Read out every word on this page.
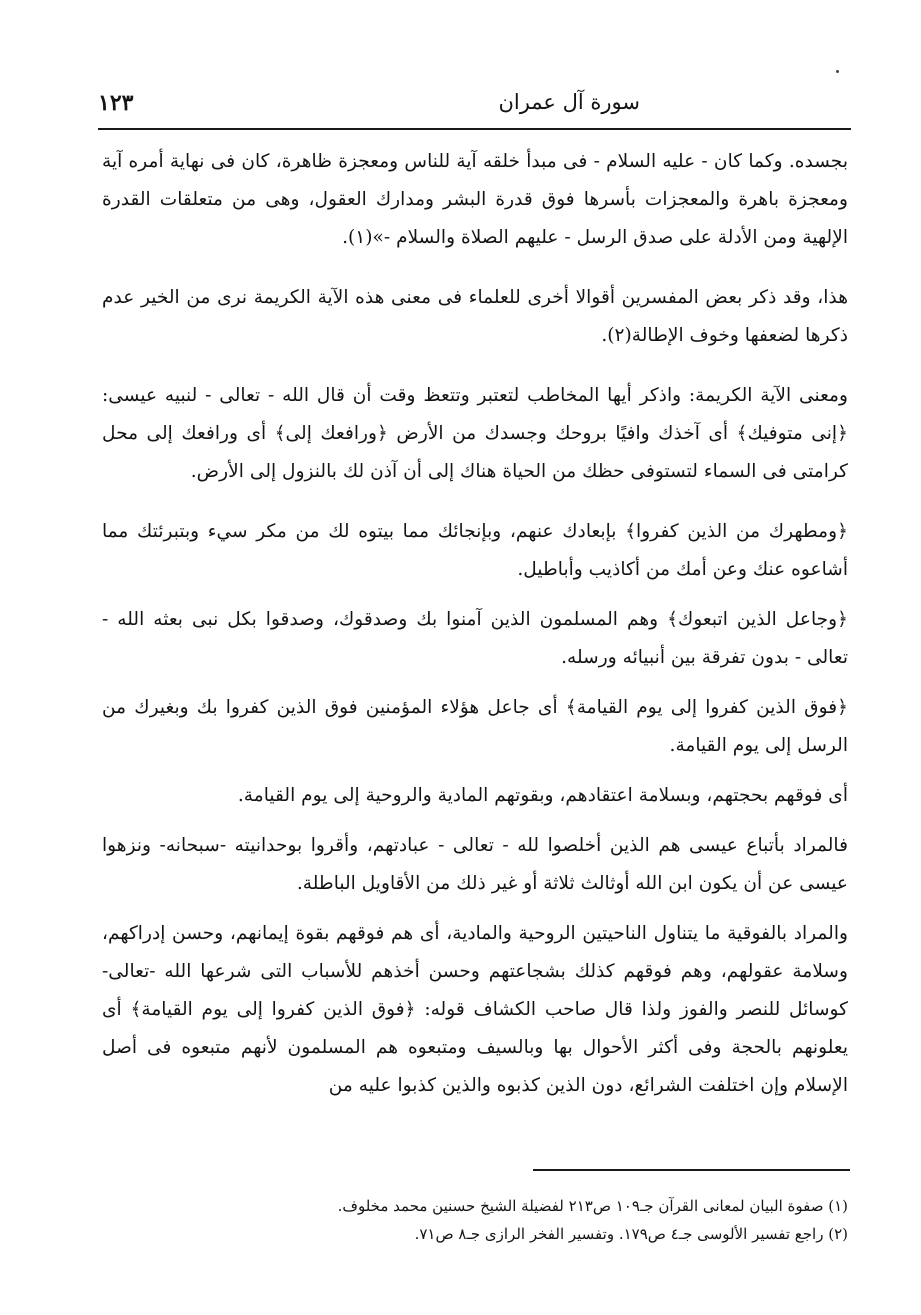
سورة آل عمران
١٢٣

بجسده. وكما كان - عليه السلام - فى مبدأ خلقه آية للناس ومعجزة ظاهرة، كان فى نهاية أمره آية ومعجزة باهرة والمعجزات بأسرها فوق قدرة البشر ومدارك العقول، وهى من متعلقات القدرة الإلهية ومن الأدلة على صدق الرسل - عليهم الصلاة والسلام -»(١).

هذا، وقد ذكر بعض المفسرين أقوالا أخرى للعلماء فى معنى هذه الآية الكريمة نرى من الخير عدم ذكرها لضعفها وخوف الإطالة(٢).

ومعنى الآية الكريمة: واذكر أيها المخاطب لتعتبر وتتعظ وقت أن قال الله - تعالى - لنبيه عيسى: ﴿إنى متوفيك﴾ أى آخذك وافيًا بروحك وجسدك من الأرض ﴿ورافعك إلى﴾ أى ورافعك إلى محل كرامتى فى السماء لتستوفى حظك من الحياة هناك إلى أن آذن لك بالنزول إلى الأرض.

﴿ومطهرك من الذين كفروا﴾ بإبعادك عنهم، وبإنجائك مما بيتوه لك من مكر سيء وبتبرئتك مما أشاعوه عنك وعن أمك من أكاذيب وأباطيل.

﴿وجاعل الذين اتبعوك﴾ وهم المسلمون الذين آمنوا بك وصدقوك، وصدقوا بكل نبى بعثه الله - تعالى - بدون تفرقة بين أنبيائه ورسله.

﴿فوق الذين كفروا إلى يوم القيامة﴾ أى جاعل هؤلاء المؤمنين فوق الذين كفروا بك وبغيرك من الرسل إلى يوم القيامة.

أى فوقهم بحجتهم، وبسلامة اعتقادهم، وبقوتهم المادية والروحية إلى يوم القيامة.

فالمراد بأتباع عيسى هم الذين أخلصوا لله - تعالى - عبادتهم، وأقروا بوحدانيته -سبحانه- ونزهوا عيسى عن أن يكون ابن الله أوثالث ثلاثة أو غير ذلك من الأقاويل الباطلة.

والمراد بالفوقية ما يتناول الناحيتين الروحية والمادية، أى هم فوقهم بقوة إيمانهم، وحسن إدراكهم، وسلامة عقولهم، وهم فوقهم كذلك بشجاعتهم وحسن أخذهم للأسباب التى شرعها الله -تعالى- كوسائل للنصر والفوز ولذا قال صاحب الكشاف قوله: ﴿فوق الذين كفروا إلى يوم القيامة﴾ أى يعلونهم بالحجة وفى أكثر الأحوال بها وبالسيف ومتبعوه هم المسلمون لأنهم متبعوه فى أصل الإسلام وإن اختلفت الشرائع، دون الذين كذبوه والذين كذبوا عليه من

(١) صفوة البيان لمعانى القرآن جـ١٠٩ ص٢١٣ لفضيلة الشيخ حسنين محمد مخلوف.
(٢) راجع تفسير الألوسى جـ٤ ص١٧٩. وتفسير الفخر الرازى جـ٨ ص٧١.
